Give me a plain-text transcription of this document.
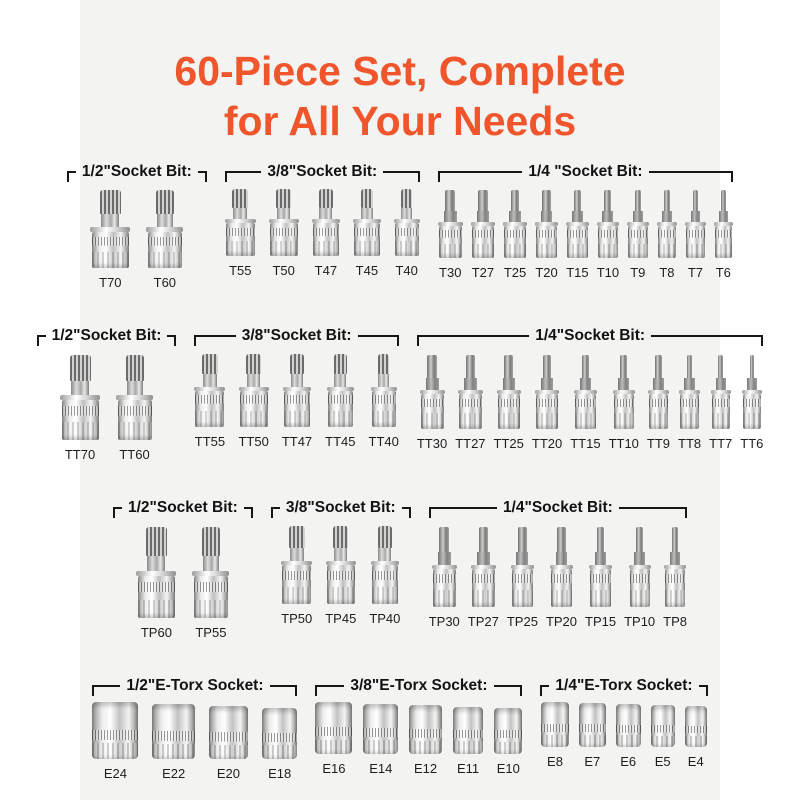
60-Piece Set, Complete
for All Your Needs
1/2"Socket Bit:
T70 T60
3/8"Socket Bit:
T55 T50 T47 T45 T40
1/4 "Socket Bit:
T30 T27 T25 T20 T15 T10 T9 T8 T7 T6
1/2"Socket Bit:
TT70 TT60
3/8"Socket Bit:
TT55 TT50 TT47 TT45 TT40
1/4"Socket Bit:
TT30 TT27 TT25 TT20 TT15 TT10 TT9 TT8 TT7 TT6
1/2"Socket Bit:
TP60 TP55
3/8"Socket Bit:
TP50 TP45 TP40
1/4"Socket Bit:
TP30 TP27 TP25 TP20 TP15 TP10 TP8
1/2"E-Torx Socket:
E24	E22 E20 E18
3/8"E-Torx Socket:
E16 E14 E12 E11 E10
1/4"E-Torx Socket:
E8 E7 E6 E5 E4
